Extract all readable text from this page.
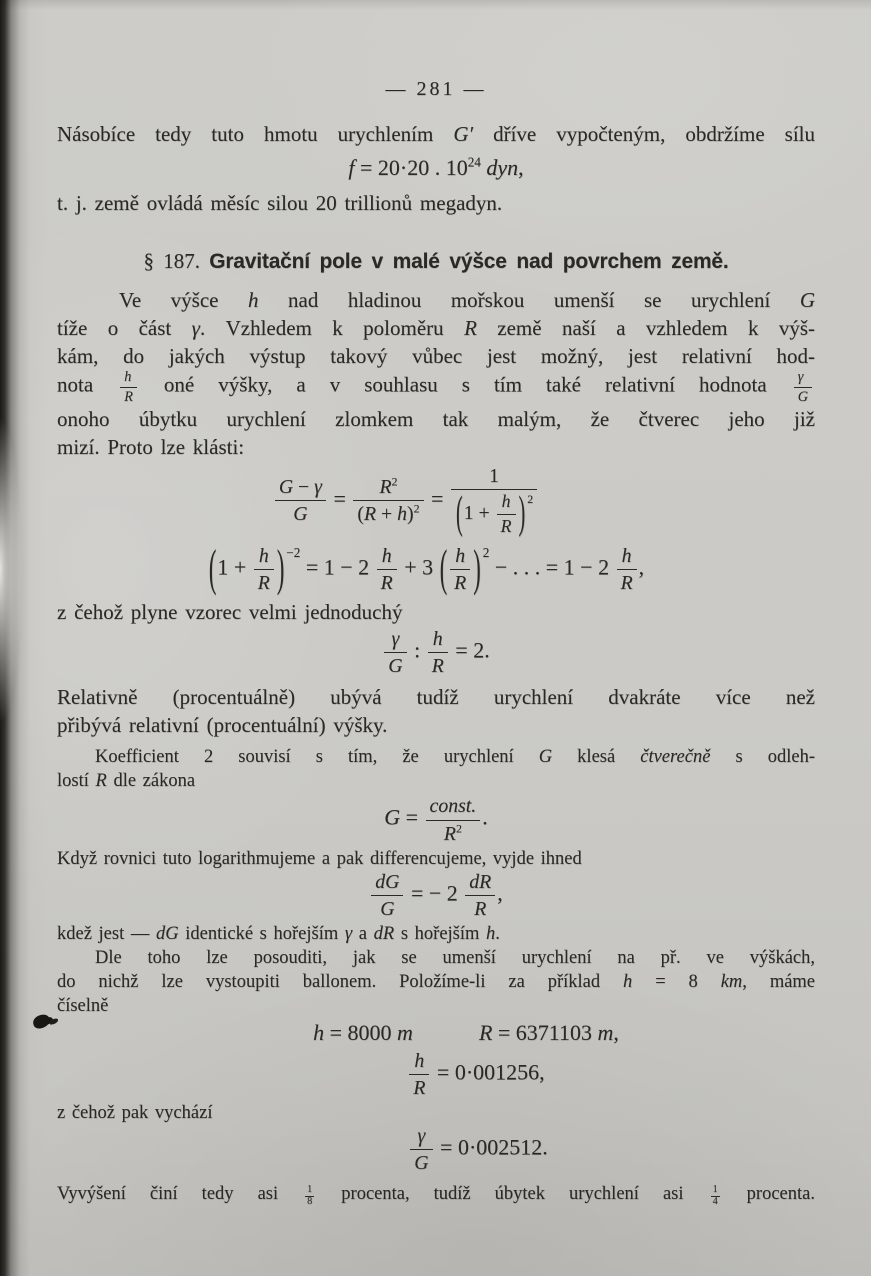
— 281 —
Násobíce tedy tuto hmotu urychlením G′ dříve vypočteným, obdržíme sílu
f = 20·20 . $10^{24}$ dyn,
t. j. země ovládá měsíc silou 20 trillionů megadyn.
§ 187. Gravitační pole v malé výšce nad povrchem země.
Ve výšce h nad hladinou mořskou umenší se urychlení G
tíže o část γ. Vzhledem k poloměru R země naší a vzhledem k výš-
kám, do jakých výstup takový vůbec jest možný, jest relativní hod-
nota $\frac{h}{R}$ oné výšky, a v souhlasu s tím také relativní hodnota $\frac{\gamma}{G}$
onoho úbytku urychlení zlomkem tak malým, že čtverec jeho již
mizí. Proto lze klásti:
$\frac{G - \gamma}{G} = \frac{R^2}{(R + h)^2} = \frac{1}{(1 + \frac{h}{R} ) ^2}$
($1 + \frac{h}{R}$ ) $^{-2} = 1 - 2 \frac{h}{R} + 3$ ( $\frac{h}{R}$ ) $^2$ − . . . = $1 - 2 \frac{h}{R}$ ,
z čehož plyne vzorec velmi jednoduchý
$\frac{\gamma}{G}$ : $\frac{h}{R} = 2$.
Relativně (procentuálně) ubývá tudíž urychlení dvakráte více než
přibývá relativní (procentuální) výšky.
Koefficient 2 souvisí s tím, že urychlení G klesá čtverečně s odleh-
lostí R dle zákona
$G = \frac{\text{const.}}{R^2}$ .
Když rovnici tuto logarithmujeme a pak differencujeme, vyjde ihned
$\frac{dG}{G}$ = − $2 \frac{dR}{R}$ ,
kdež jest — dG identické s hořejším γ a dR s hořejším h.
Dle toho lze posouditi, jak se umenší urychlení na př. ve výškách,
do nichž lze vystoupiti ballonem. Položíme-li za příklad h = 8 km, máme
číselně
h = 8000 m	R = 6371103 m,
$\frac{h}{R} = 0\cdot 001256$,
z čehož pak vychází
$\frac{\gamma}{G} = 0\cdot 002512$.
Vyvýšení činí tedy asi $\frac{1}{8}$ procenta, tudíž úbytek urychlení asi $\frac{1}{4}$ procenta.
